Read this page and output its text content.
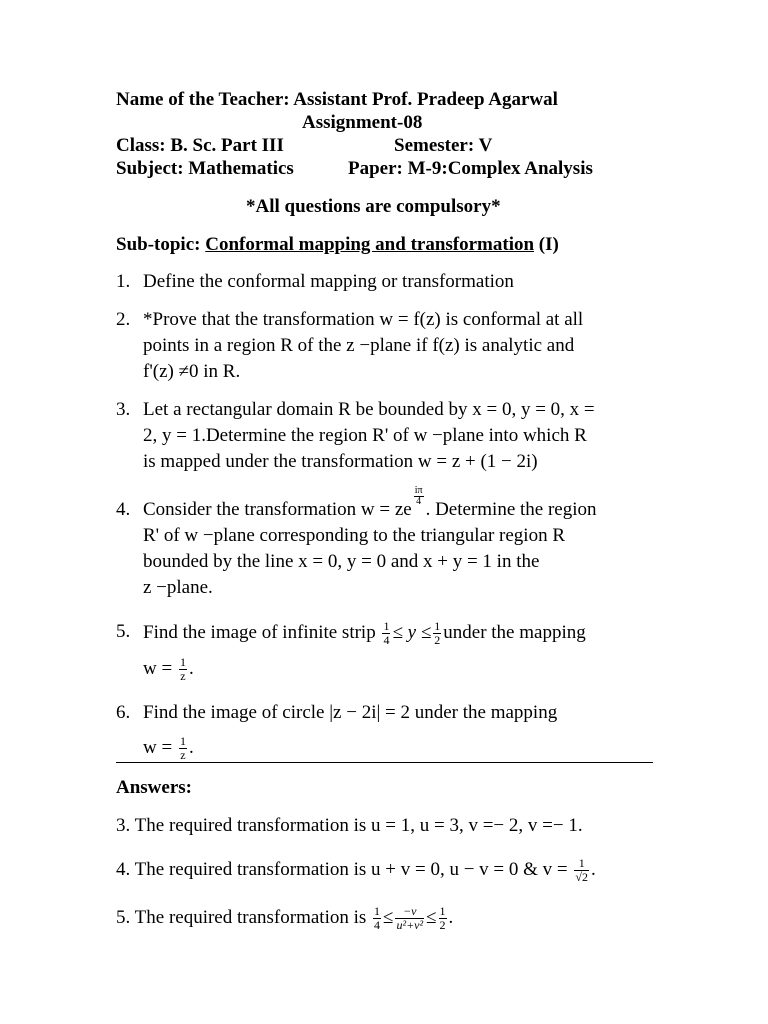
Name of the Teacher: Assistant Prof. Pradeep Agarwal
Assignment-08
Class: B. Sc. Part III	Semester: V
Subject: Mathematics	Paper: M-9:Complex Analysis
*All questions are compulsory*
Sub-topic: Conformal mapping and transformation (I)
1. Define the conformal mapping or transformation
2. *Prove that the transformation w = f(z) is conformal at all
points in a region R of the z −plane if f(z) is analytic and
f'(z) ≠0 in R.
3. Let a rectangular domain R be bounded by x = 0, y = 0, x =
2, y = 1.Determine the region R' of w −plane into which R
is mapped under the transformation w = z + (1 − 2i)
4. Consider the transformation w = ze
$\frac{i\pi}{4}$
. Determine the region
R' of w −plane corresponding to the triangular region R
bounded by the line x = 0, y = 0 and x + y = 1 in the
z −plane.
5. Find the image of infinite strip $\frac{1}{4} \le y \le \frac{1}{2}$ under the mapping
$w = \frac{1}{z}$ .
6. Find the image of circle |z − 2i| = 2 under the mapping
$w = \frac{1}{z}$ .
Answers:
3. The required transformation is u = 1, u = 3, v =− 2, v =− 1.
4. The required transformation is u + v = 0, u − v = 0 & $v = \frac{1}{√2}$ .
5. The required transformation is $\frac{1}{4} \le \frac{-v}{\text{u²+v²}} \le \frac{1}{2}$ .
